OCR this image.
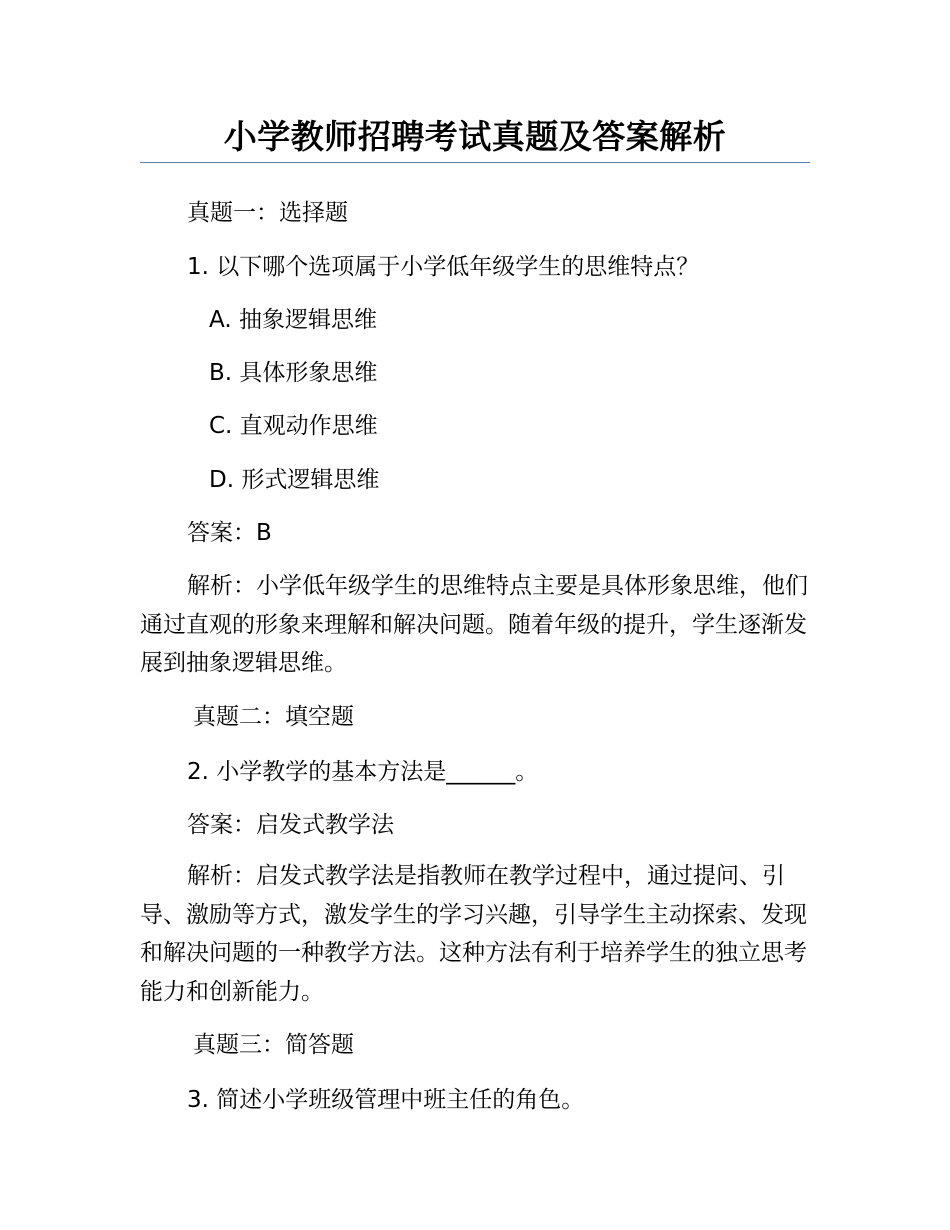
小学教师招聘考试真题及答案解析
真题一：选择题
1. 以下哪个选项属于小学低年级学生的思维特点？
A. 抽象逻辑思维
B. 具体形象思维
C. 直观动作思维
D. 形式逻辑思维
答案：B
解析：小学低年级学生的思维特点主要是具体形象思维，他们通过直观的形象来理解和解决问题。随着年级的提升，学生逐渐发展到抽象逻辑思维。
真题二：填空题
2. 小学教学的基本方法是______。
答案：启发式教学法
解析：启发式教学法是指教师在教学过程中，通过提问、引导、激励等方式，激发学生的学习兴趣，引导学生主动探索、发现和解决问题的一种教学方法。这种方法有利于培养学生的独立思考能力和创新能力。
真题三：简答题
3. 简述小学班级管理中班主任的角色。
